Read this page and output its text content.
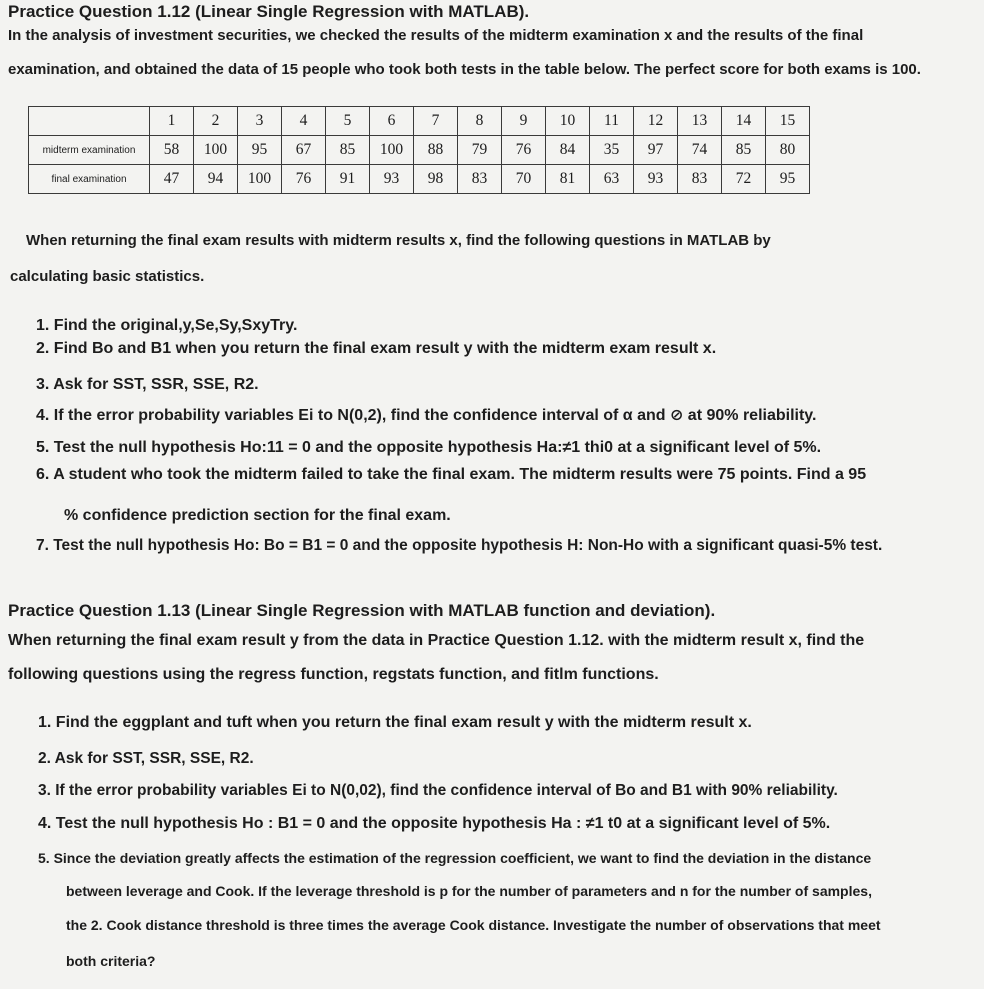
Practice Question 1.12 (Linear Single Regression with MATLAB).
In the analysis of investment securities, we checked the results of the midterm examination x and the results of the final
examination, and obtained the data of 15 people who took both tests in the table below. The perfect score for both exams is 100.
	1	2	3	4	5	6	7	8	9	10	11	12	13	14	15
midterm examination	58	100	95	67	85	100	88	79	76	84	35	97	74	85	80
final examination	47	94	100	76	91	93	98	83	70	81	63	93	83	72	95
When returning the final exam results with midterm results x, find the following questions in MATLAB by
calculating basic statistics.
1. Find the original,y,Se,Sy,SxyTry.
2. Find Bo and B1 when you return the final exam result y with the midterm exam result x.
3. Ask for SST, SSR, SSE, R2.
4. If the error probability variables Ei to N(0,2), find the confidence interval of α and ⊘ at 90% reliability.
5. Test the null hypothesis Ho:11 = 0 and the opposite hypothesis Ha:≠1 thi0 at a significant level of 5%.
6. A student who took the midterm failed to take the final exam. The midterm results were 75 points. Find a 95
% confidence prediction section for the final exam.
7. Test the null hypothesis Ho: Bo = B1 = 0 and the opposite hypothesis H: Non-Ho with a significant quasi-5% test.
Practice Question 1.13 (Linear Single Regression with MATLAB function and deviation).
When returning the final exam result y from the data in Practice Question 1.12. with the midterm result x, find the
following questions using the regress function, regstats function, and fitlm functions.
1. Find the eggplant and tuft when you return the final exam result y with the midterm result x.
2. Ask for SST, SSR, SSE, R2.
3. If the error probability variables Ei to N(0,02), find the confidence interval of Bo and B1 with 90% reliability.
4. Test the null hypothesis Ho : B1 = 0 and the opposite hypothesis Ha : ≠1 t0 at a significant level of 5%.
5. Since the deviation greatly affects the estimation of the regression coefficient, we want to find the deviation in the distance
between leverage and Cook. If the leverage threshold is p for the number of parameters and n for the number of samples,
the 2. Cook distance threshold is three times the average Cook distance. Investigate the number of observations that meet
both criteria?
